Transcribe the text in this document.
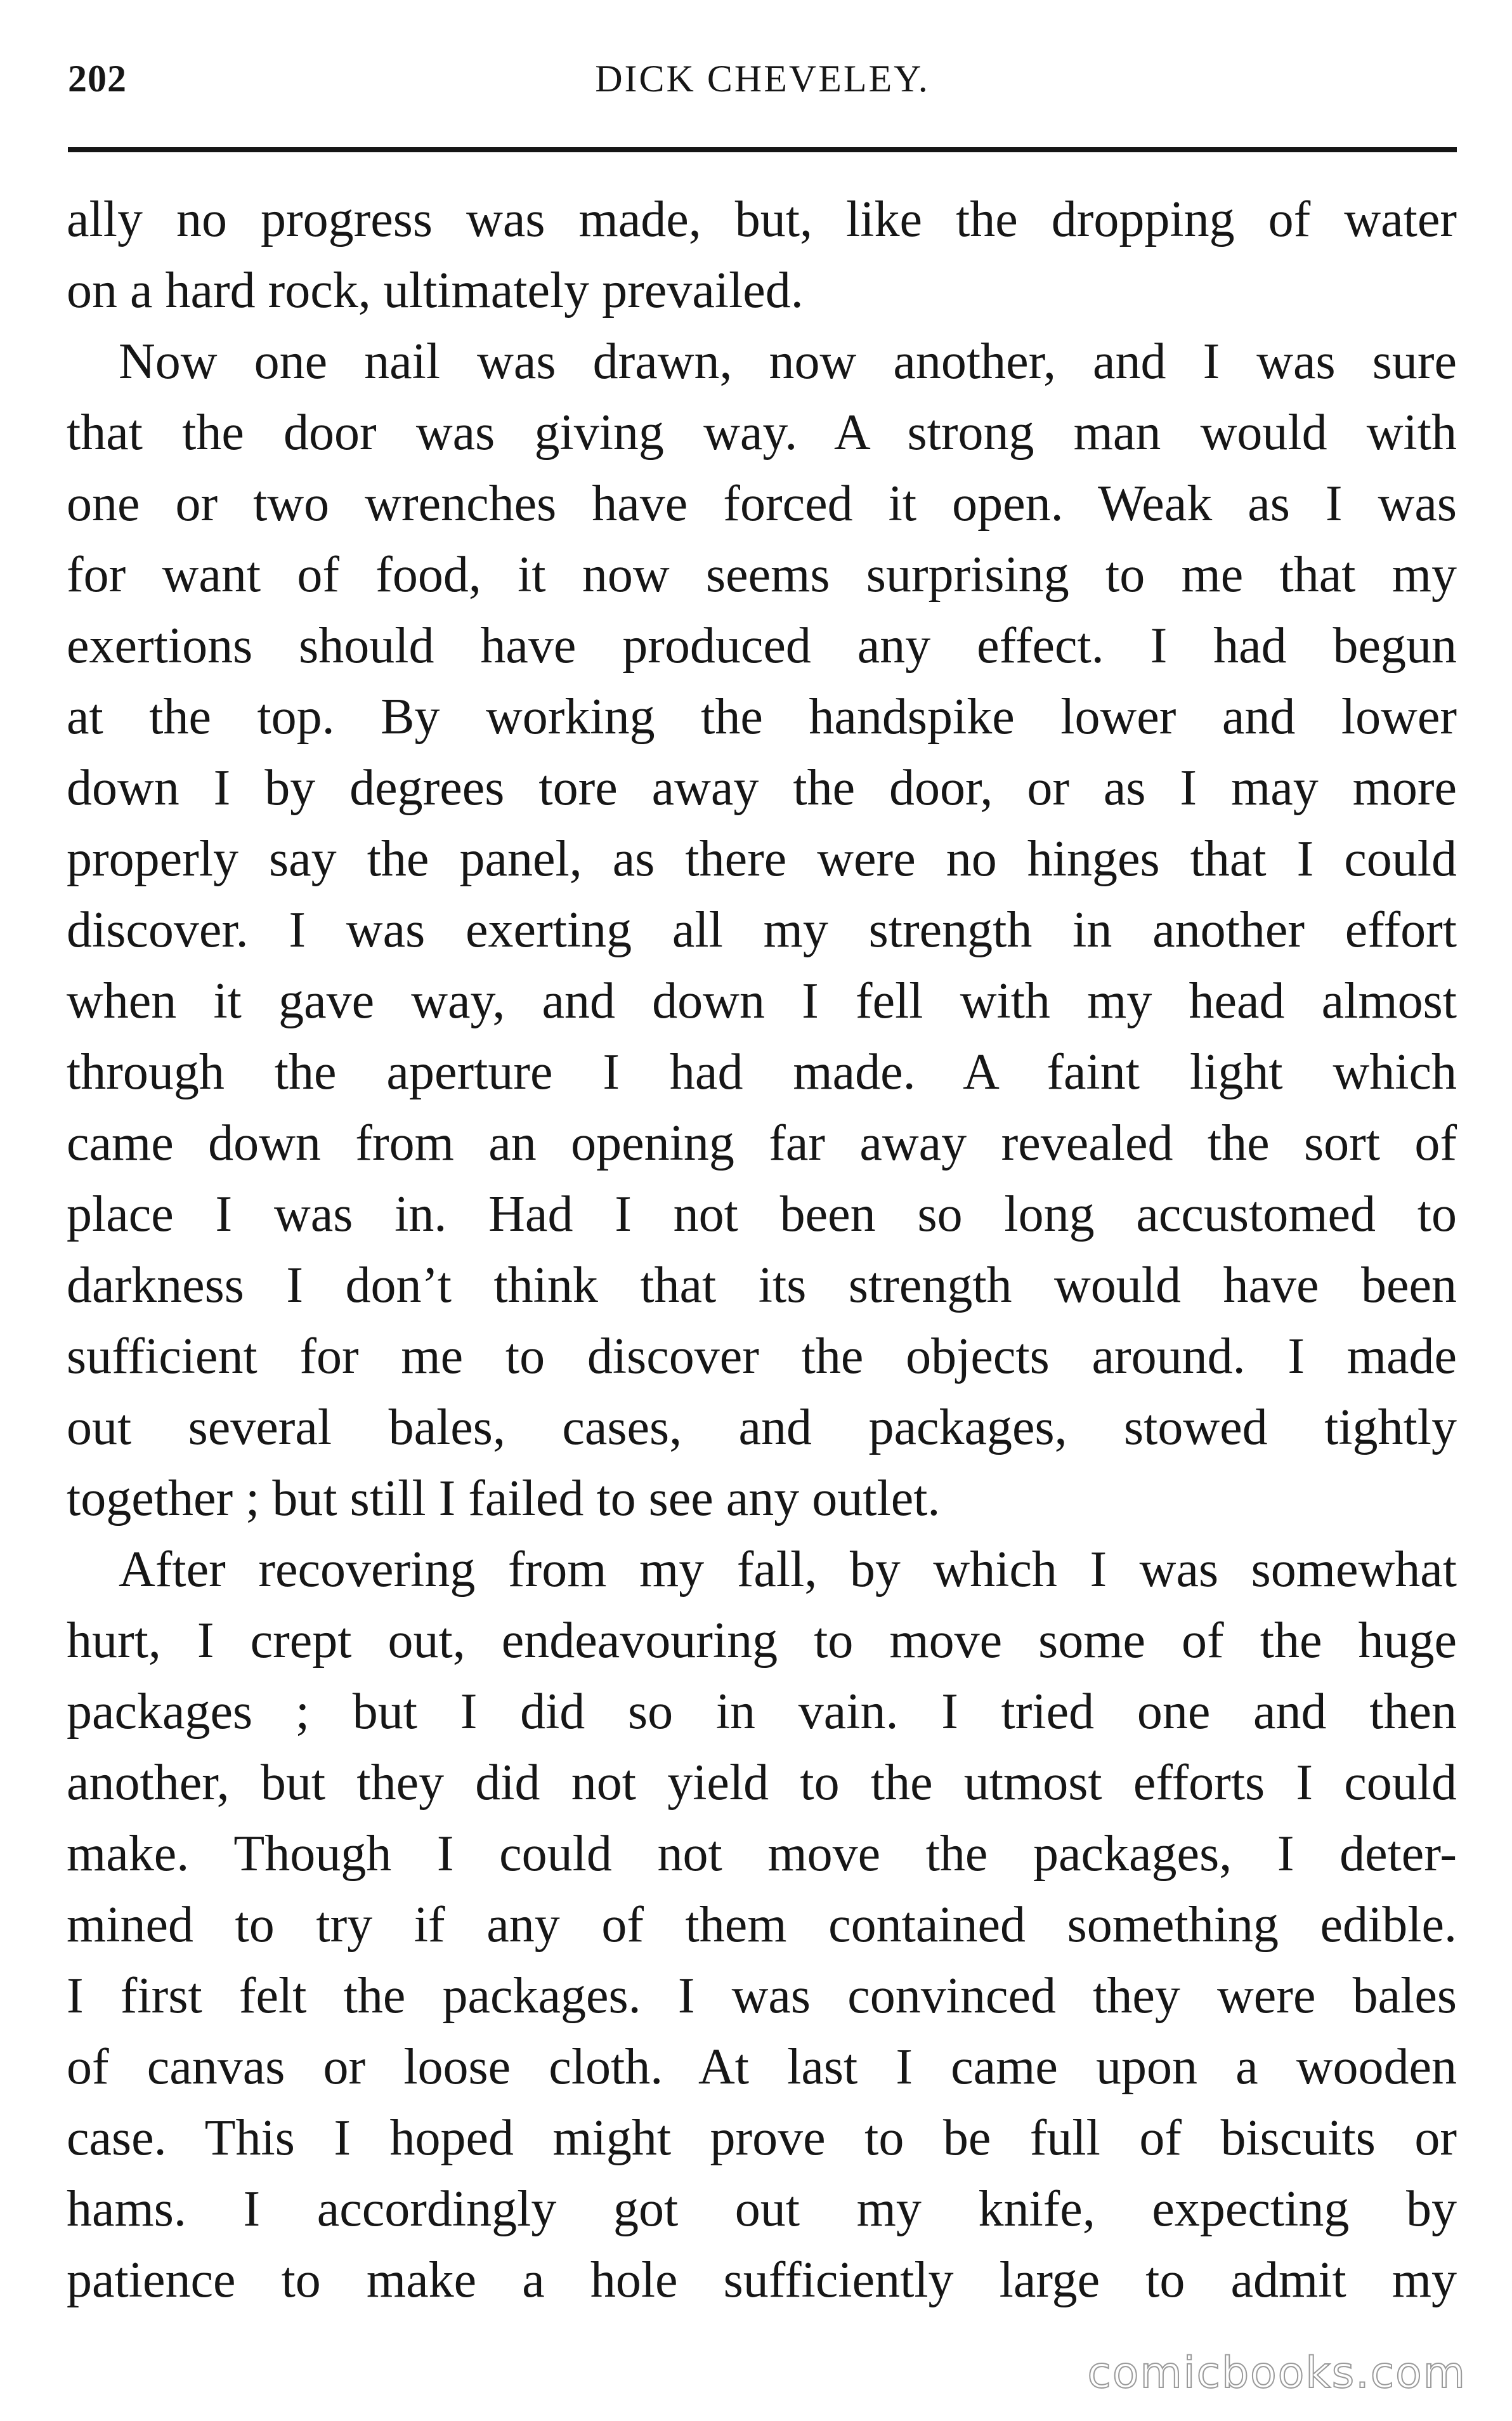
202	DICK CHEVELEY.
ally no progress was made, but, like the dropping of water
on a hard rock, ultimately prevailed.
Now one nail was drawn, now another, and I was sure
that the door was giving way. A strong man would with
one or two wrenches have forced it open. Weak as I was
for want of food, it now seems surprising to me that my
exertions should have produced any effect. I had begun
at the top. By working the handspike lower and lower
down I by degrees tore away the door, or as I may more
properly say the panel, as there were no hinges that I could
discover. I was exerting all my strength in another effort
when it gave way, and down I fell with my head almost
through the aperture I had made. A faint light which
came down from an opening far away revealed the sort of
place I was in. Had I not been so long accustomed to
darkness I don’t think that its strength would have been
sufficient for me to discover the objects around. I made
out several bales, cases, and packages, stowed tightly
together ; but still I failed to see any outlet.
After recovering from my fall, by which I was somewhat
hurt, I crept out, endeavouring to move some of the huge
packages ; but I did so in vain. I tried one and then
another, but they did not yield to the utmost efforts I could
make. Though I could not move the packages, I deter-
mined to try if any of them contained something edible.
I first felt the packages. I was convinced they were bales
of canvas or loose cloth. At last I came upon a wooden
case. This I hoped might prove to be full of biscuits or
hams. I accordingly got out my knife, expecting by
patience to make a hole sufficiently large to admit my
comicbooks.com
